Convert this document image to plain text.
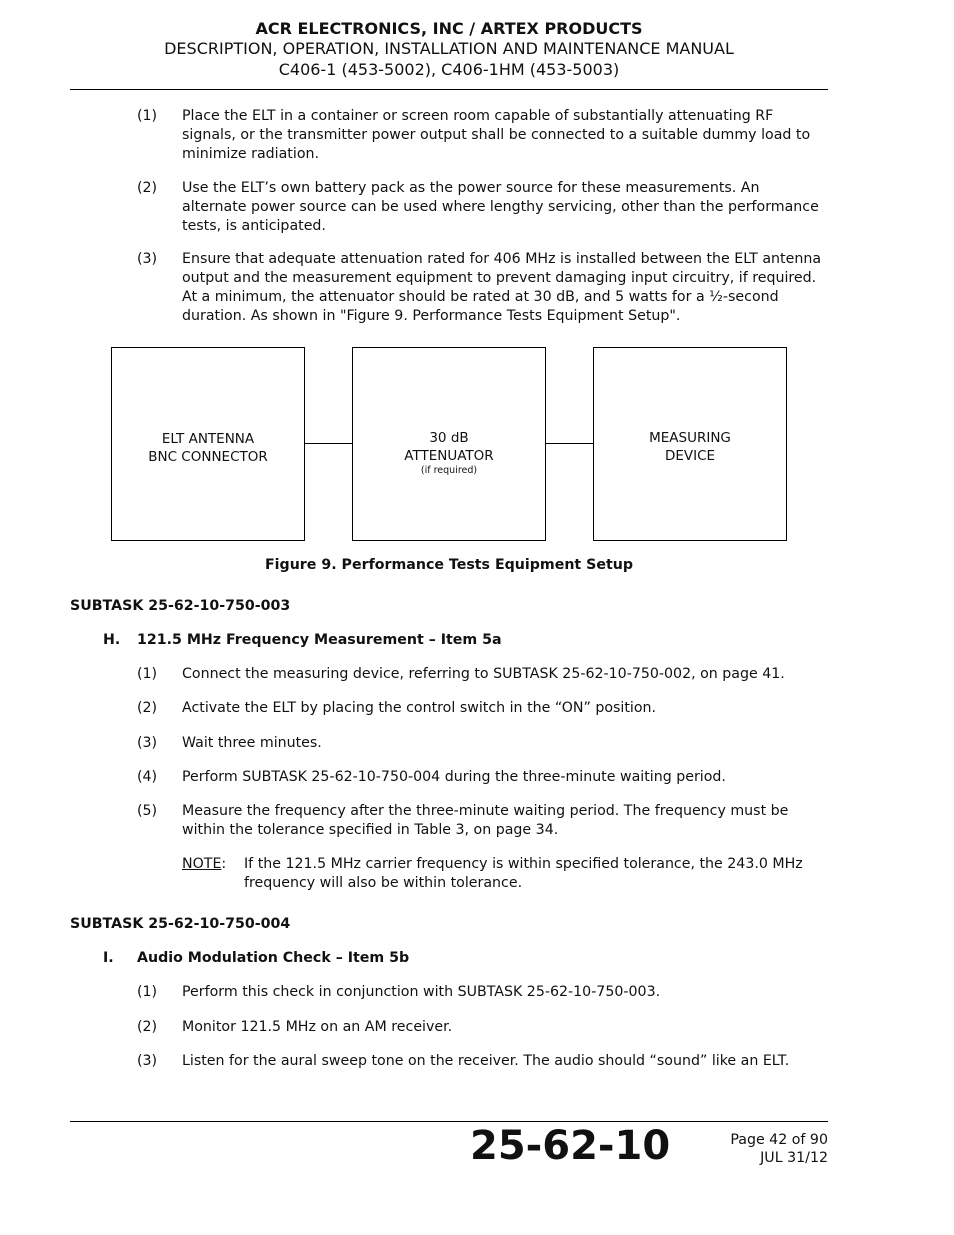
ACR ELECTRONICS, INC / ARTEX PRODUCTS
DESCRIPTION, OPERATION, INSTALLATION AND MAINTENANCE MANUAL
C406-1 (453-5002), C406-1HM (453-5003)
(1)	Place the ELT in a container or screen room capable of substantially attenuating RF signals, or the transmitter power output shall be connected to a suitable dummy load to minimize radiation.
(2)	Use the ELT’s own battery pack as the power source for these measurements. An alternate power source can be used where lengthy servicing, other than the performance tests, is anticipated.
(3)	Ensure that adequate attenuation rated for 406 MHz is installed between the ELT antenna output and the measurement equipment to prevent damaging input circuitry, if required. At a minimum, the attenuator should be rated at 30 dB, and 5 watts for a ½-second duration. As shown in "Figure 9. Performance Tests Equipment Setup".
ELT ANTENNA
BNC CONNECTOR
30 dB
ATTENUATOR
(if required)
MEASURING
DEVICE
Figure 9. Performance Tests Equipment Setup
SUBTASK 25-62-10-750-003
H. 121.5 MHz Frequency Measurement – Item 5a
(1)	Connect the measuring device, referring to SUBTASK 25-62-10-750-002, on page 41.
(2)	Activate the ELT by placing the control switch in the “ON” position.
(3)	Wait three minutes.
(4)	Perform SUBTASK 25-62-10-750-004 during the three-minute waiting period.
(5)	Measure the frequency after the three-minute waiting period. The frequency must be within the tolerance specified in Table 3, on page 34.
NOTE: If the 121.5 MHz carrier frequency is within specified tolerance, the 243.0 MHz frequency will also be within tolerance.
SUBTASK 25-62-10-750-004
I. Audio Modulation Check – Item 5b
(1)	Perform this check in conjunction with SUBTASK 25-62-10-750-003.
(2)	Monitor 121.5 MHz on an AM receiver.
(3)	Listen for the aural sweep tone on the receiver. The audio should “sound” like an ELT.
25-62-10	Page 42 of 90
JUL 31/12
